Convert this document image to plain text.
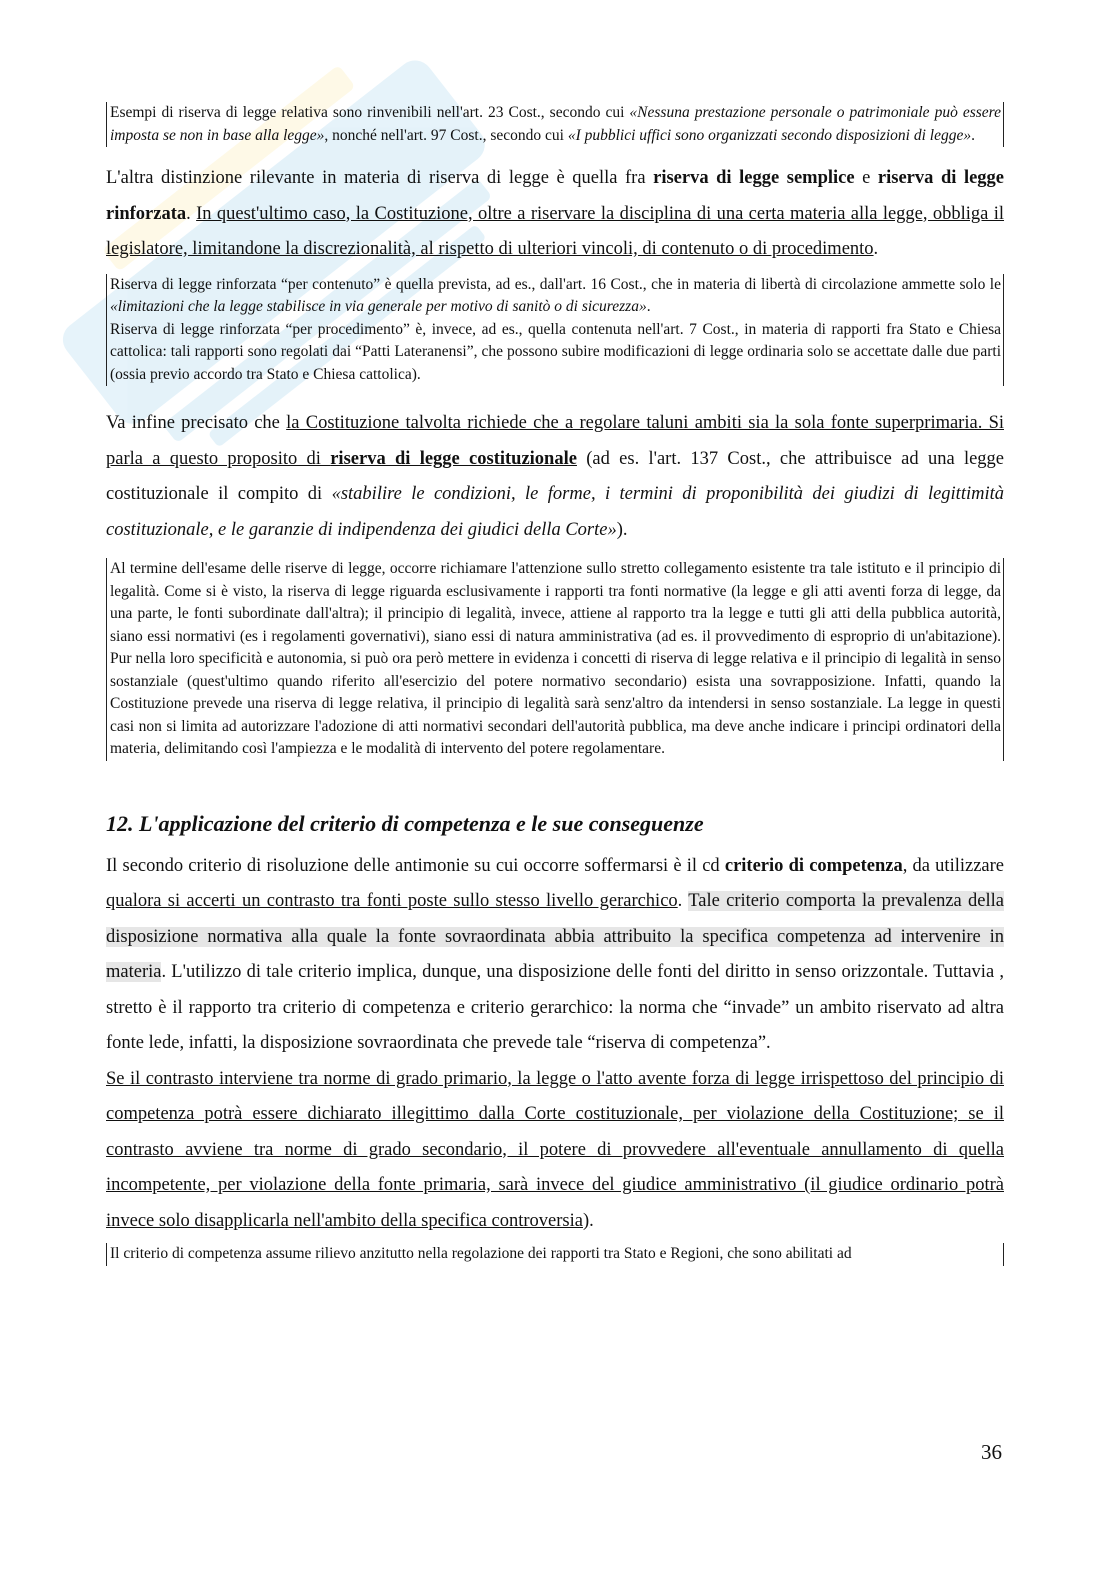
Esempi di riserva di legge relativa sono rinvenibili nell'art. 23 Cost., secondo cui «Nessuna prestazione personale o patrimoniale può essere imposta se non in base alla legge», nonché nell'art. 97 Cost., secondo cui «I pubblici uffici sono organizzati secondo disposizioni di legge».

L'altra distinzione rilevante in materia di riserva di legge è quella fra riserva di legge semplice e riserva di legge rinforzata. In quest'ultimo caso, la Costituzione, oltre a riservare la disciplina di una certa materia alla legge, obbliga il legislatore, limitandone la discrezionalità, al rispetto di ulteriori vincoli, di contenuto o di procedimento.

Riserva di legge rinforzata “per contenuto” è quella prevista, ad es., dall'art. 16 Cost., che in materia di libertà di circolazione ammette solo le «limitazioni che la legge stabilisce in via generale per motivo di sanitò o di sicurezza».
Riserva di legge rinforzata “per procedimento” è, invece, ad es., quella contenuta nell'art. 7 Cost., in materia di rapporti fra Stato e Chiesa cattolica: tali rapporti sono regolati dai “Patti Lateranensi”, che possono subire modificazioni di legge ordinaria solo se accettate dalle due parti (ossia previo accordo tra Stato e Chiesa cattolica).

Va infine precisato che la Costituzione talvolta richiede che a regolare taluni ambiti sia la sola fonte superprimaria. Si parla a questo proposito di riserva di legge costituzionale (ad es. l'art. 137 Cost., che attribuisce ad una legge costituzionale il compito di «stabilire le condizioni, le forme, i termini di proponibilità dei giudizi di legittimità costituzionale, e le garanzie di indipendenza dei giudici della Corte»).

Al termine dell'esame delle riserve di legge, occorre richiamare l'attenzione sullo stretto collegamento esistente tra tale istituto e il principio di legalità. Come si è visto, la riserva di legge riguarda esclusivamente i rapporti tra fonti normative (la legge e gli atti aventi forza di legge, da una parte, le fonti subordinate dall'altra); il principio di legalità, invece, attiene al rapporto tra la legge e tutti gli atti della pubblica autorità, siano essi normativi (es i regolamenti governativi), siano essi di natura amministrativa (ad es. il provvedimento di esproprio di un'abitazione). Pur nella loro specificità e autonomia, si può ora però mettere in evidenza i concetti di riserva di legge relativa e il principio di legalità in senso sostanziale (quest'ultimo quando riferito all'esercizio del potere normativo secondario) esista una sovrapposizione. Infatti, quando la Costituzione prevede una riserva di legge relativa, il principio di legalità sarà senz'altro da intendersi in senso sostanziale. La legge in questi casi non si limita ad autorizzare l'adozione di atti normativi secondari dell'autorità pubblica, ma deve anche indicare i principi ordinatori della materia, delimitando così l'ampiezza e le modalità di intervento del potere regolamentare.

12. L'applicazione del criterio di competenza e le sue conseguenze

Il secondo criterio di risoluzione delle antimonie su cui occorre soffermarsi è il cd criterio di competenza, da utilizzare qualora si accerti un contrasto tra fonti poste sullo stesso livello gerarchico. Tale criterio comporta la prevalenza della disposizione normativa alla quale la fonte sovraordinata abbia attribuito la specifica competenza ad intervenire in materia. L'utilizzo di tale criterio implica, dunque, una disposizione delle fonti del diritto in senso orizzontale. Tuttavia , stretto è il rapporto tra criterio di competenza e criterio gerarchico: la norma che “invade” un ambito riservato ad altra fonte lede, infatti, la disposizione sovraordinata che prevede tale “riserva di competenza”.

Se il contrasto interviene tra norme di grado primario, la legge o l'atto avente forza di legge irrispettoso del principio di competenza potrà essere dichiarato illegittimo dalla Corte costituzionale, per violazione della Costituzione; se il contrasto avviene tra norme di grado secondario, il potere di provvedere all'eventuale annullamento di quella incompetente, per violazione della fonte primaria, sarà invece del giudice amministrativo (il giudice ordinario potrà invece solo disapplicarla nell'ambito della specifica controversia).

Il criterio di competenza assume rilievo anzitutto nella regolazione dei rapporti tra Stato e Regioni, che sono abilitati ad

36
